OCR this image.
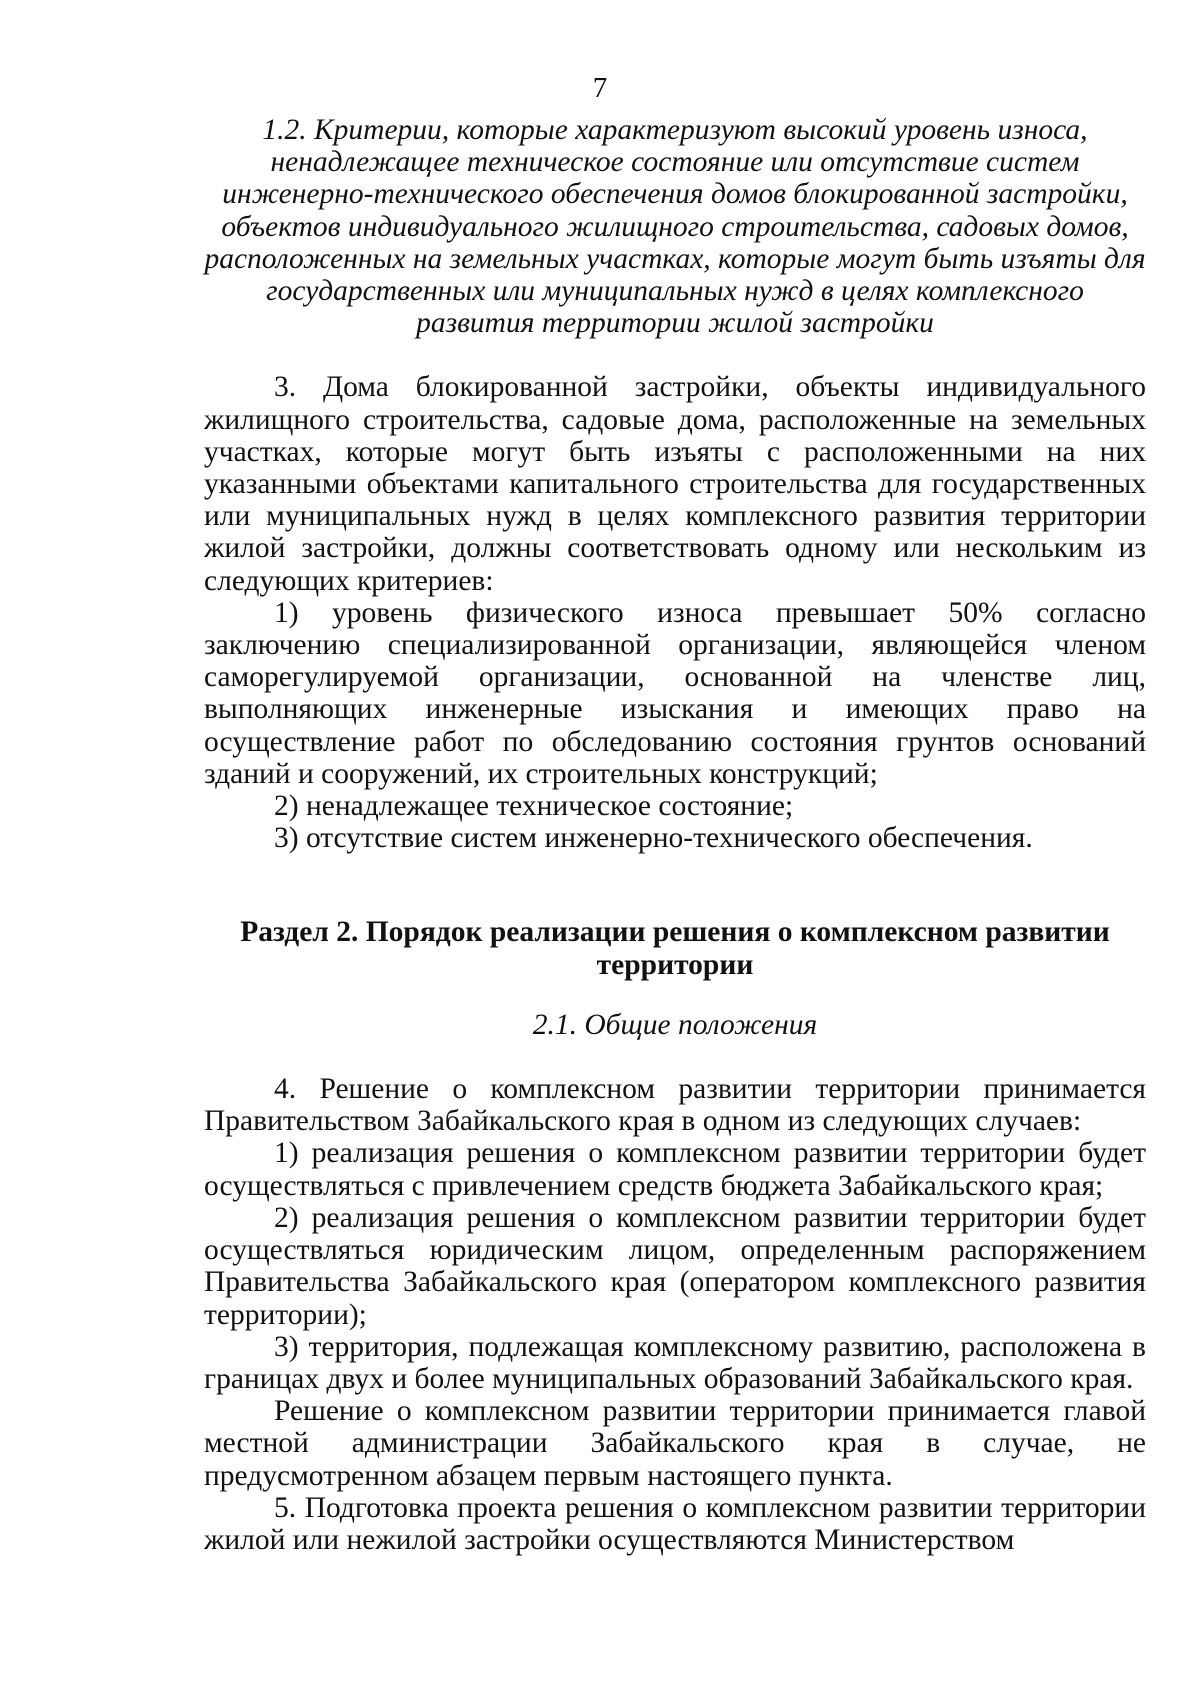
7
1.2. Критерии, которые характеризуют высокий уровень износа, ненадлежащее техническое состояние или отсутствие систем инженерно-технического обеспечения домов блокированной застройки, объектов индивидуального жилищного строительства, садовых домов, расположенных на земельных участках, которые могут быть изъяты для государственных или муниципальных нужд в целях комплексного развития территории жилой застройки

3. Дома блокированной застройки, объекты индивидуального жилищного строительства, садовые дома, расположенные на земельных участках, которые могут быть изъяты с расположенными на них указанными объектами капитального строительства для государственных или муниципальных нужд в целях комплексного развития территории жилой застройки, должны соответствовать одному или нескольким из следующих критериев:

1) уровень физического износа превышает 50% согласно заключению специализированной организации, являющейся членом саморегулируемой организации, основанной на членстве лиц, выполняющих инженерные изыскания и имеющих право на осуществление работ по обследованию состояния грунтов оснований зданий и сооружений, их строительных конструкций;

2) ненадлежащее техническое состояние;

3) отсутствие систем инженерно-технического обеспечения.

Раздел 2. Порядок реализации решения о комплексном развитии территории
2.1. Общие положения

4. Решение о комплексном развитии территории принимается Правительством Забайкальского края в одном из следующих случаев:

1) реализация решения о комплексном развитии территории будет осуществляться с привлечением средств бюджета Забайкальского края;

2) реализация решения о комплексном развитии территории будет осуществляться юридическим лицом, определенным распоряжением Правительства Забайкальского края (оператором комплексного развития территории);

3) территория, подлежащая комплексному развитию, расположена в границах двух и более муниципальных образований Забайкальского края.

Решение о комплексном развитии территории принимается главой местной администрации Забайкальского края в случае, не предусмотренном абзацем первым настоящего пункта.

5. Подготовка проекта решения о комплексном развитии территории жилой или нежилой застройки осуществляются Министерством
